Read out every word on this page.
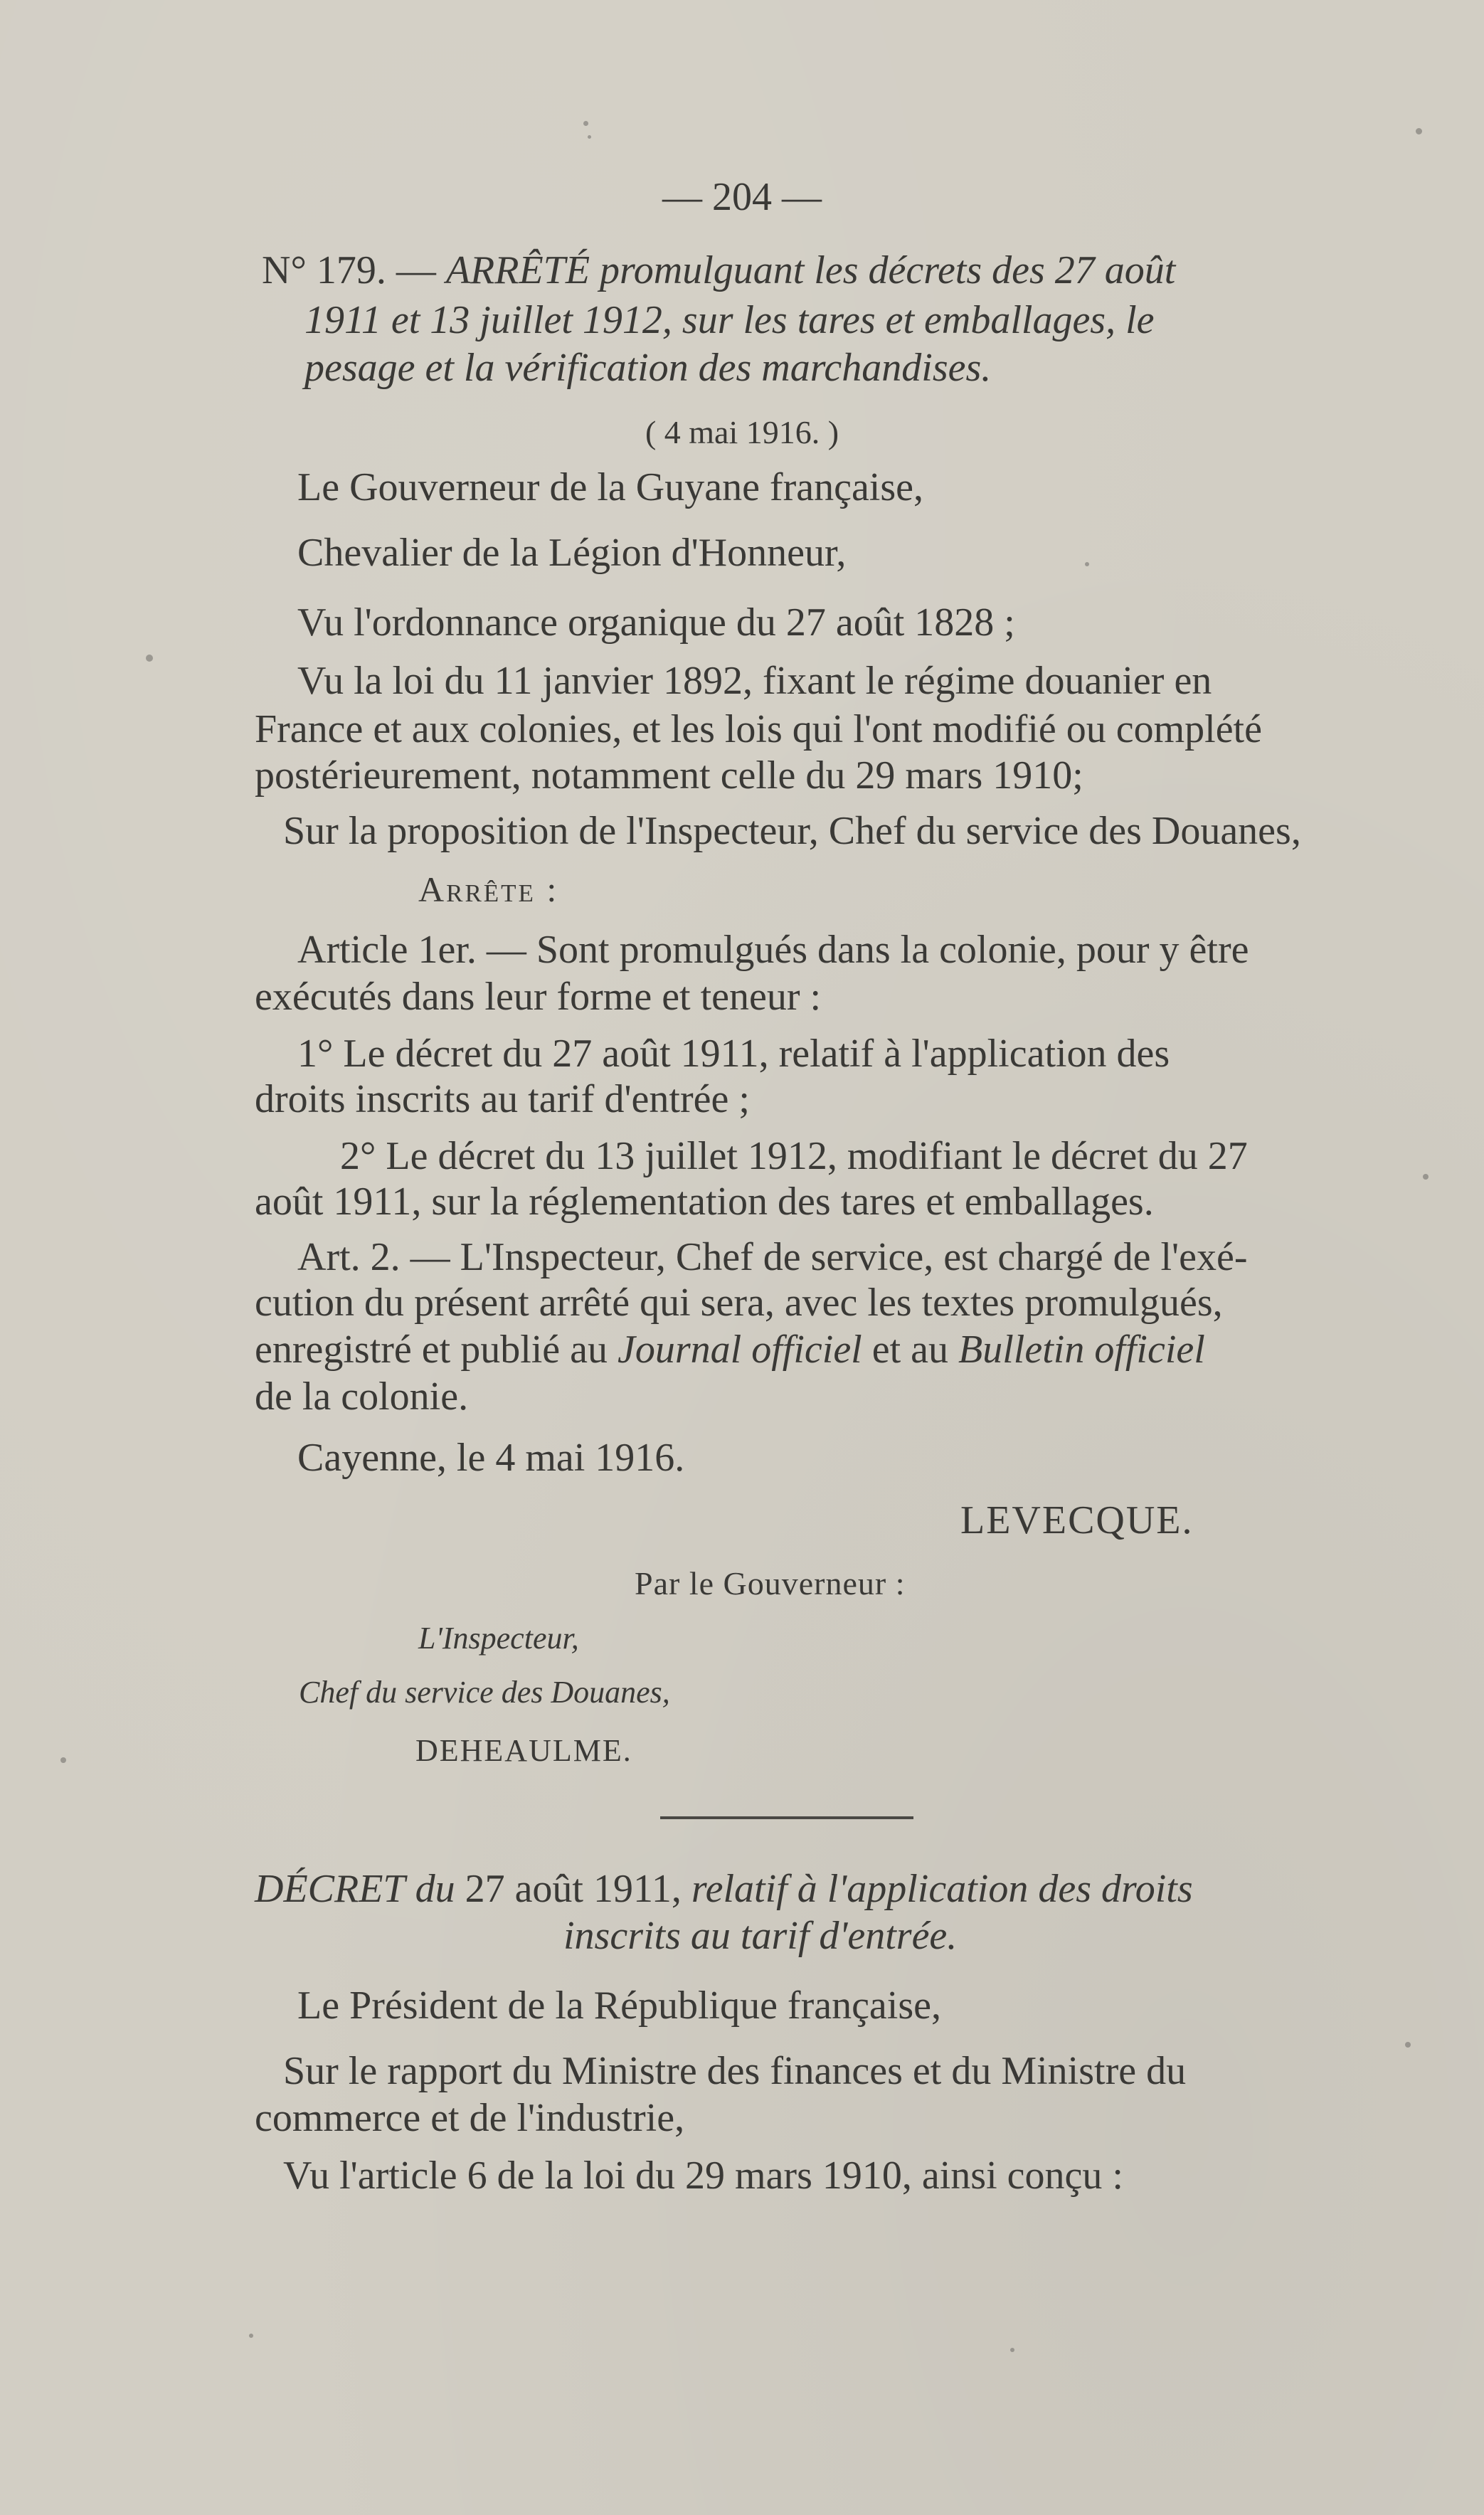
— 204 —
N° 179. — ARRÊTÉ promulguant les décrets des 27 août
1911 et 13 juillet 1912, sur les tares et emballages, le
pesage et la vérification des marchandises.
( 4 mai 1916. )
Le Gouverneur de la Guyane française,
Chevalier de la Légion d'Honneur,
Vu l'ordonnance organique du 27 août 1828 ;
Vu la loi du 11 janvier 1892, fixant le régime douanier en
France et aux colonies, et les lois qui l'ont modifié ou complété
postérieurement, notamment celle du 29 mars 1910;
Sur la proposition de l'Inspecteur, Chef du service des Douanes,
Arrête :
Article 1er. — Sont promulgués dans la colonie, pour y être
exécutés dans leur forme et teneur :
1° Le décret du 27 août 1911, relatif à l'application des
droits inscrits au tarif d'entrée ;
2° Le décret du 13 juillet 1912, modifiant le décret du 27
août 1911, sur la réglementation des tares et emballages.
Art. 2. — L'Inspecteur, Chef de service, est chargé de l'exé-
cution du présent arrêté qui sera, avec les textes promulgués,
enregistré et publié au Journal officiel et au Bulletin officiel
de la colonie.
Cayenne, le 4 mai 1916.
LEVECQUE.
Par le Gouverneur :
L'Inspecteur,
Chef du service des Douanes,
DEHEAULME.
DÉCRET du 27 août 1911, relatif à l'application des droits
inscrits au tarif d'entrée.
Le Président de la République française,
Sur le rapport du Ministre des finances et du Ministre du
commerce et de l'industrie,
Vu l'article 6 de la loi du 29 mars 1910, ainsi conçu :
